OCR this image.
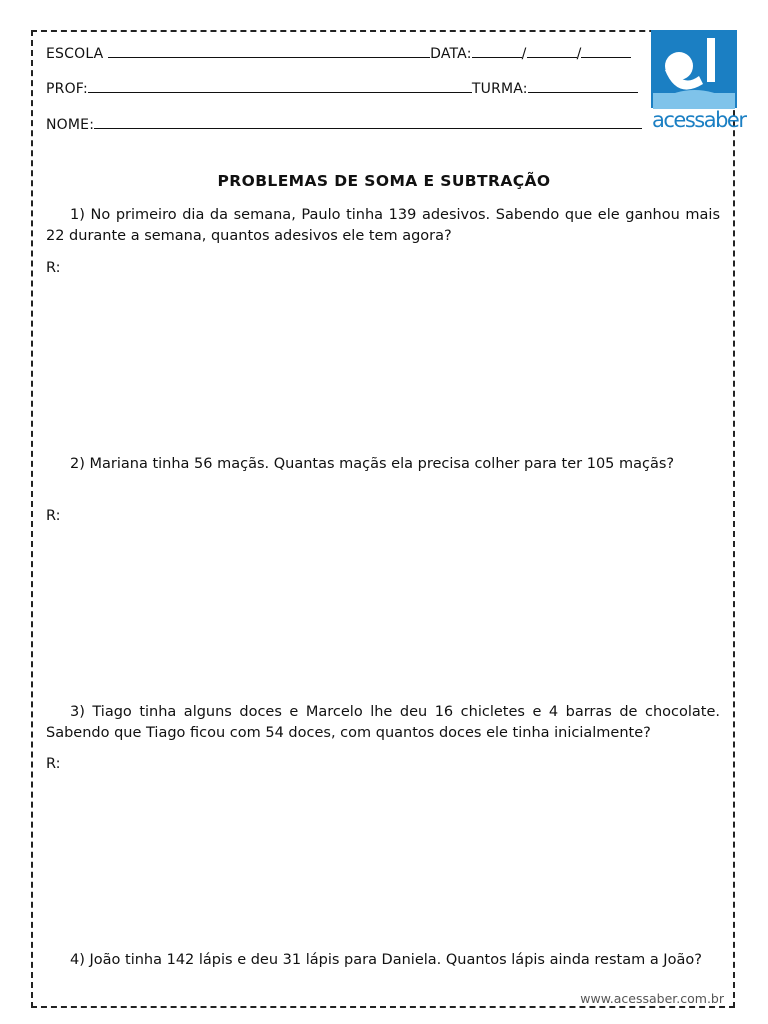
ESCOLA	DATA:	/	/
PROF:	TURMA:
NOME:	acessaber
PROBLEMAS DE SOMA E SUBTRAÇÃO
1) No primeiro dia da semana, Paulo tinha 139 adesivos. Sabendo que ele ganhou mais 22 durante a semana, quantos adesivos ele tem agora?
R:
2) Mariana tinha 56 maçãs. Quantas maçãs ela precisa colher para ter 105 maçãs?
R:
3) Tiago tinha alguns doces e Marcelo lhe deu 16 chicletes e 4 barras de chocolate. Sabendo que Tiago ficou com 54 doces, com quantos doces ele tinha inicialmente?
R:
4) João tinha 142 lápis e deu 31 lápis para Daniela. Quantos lápis ainda restam a João?
www.acessaber.com.br
